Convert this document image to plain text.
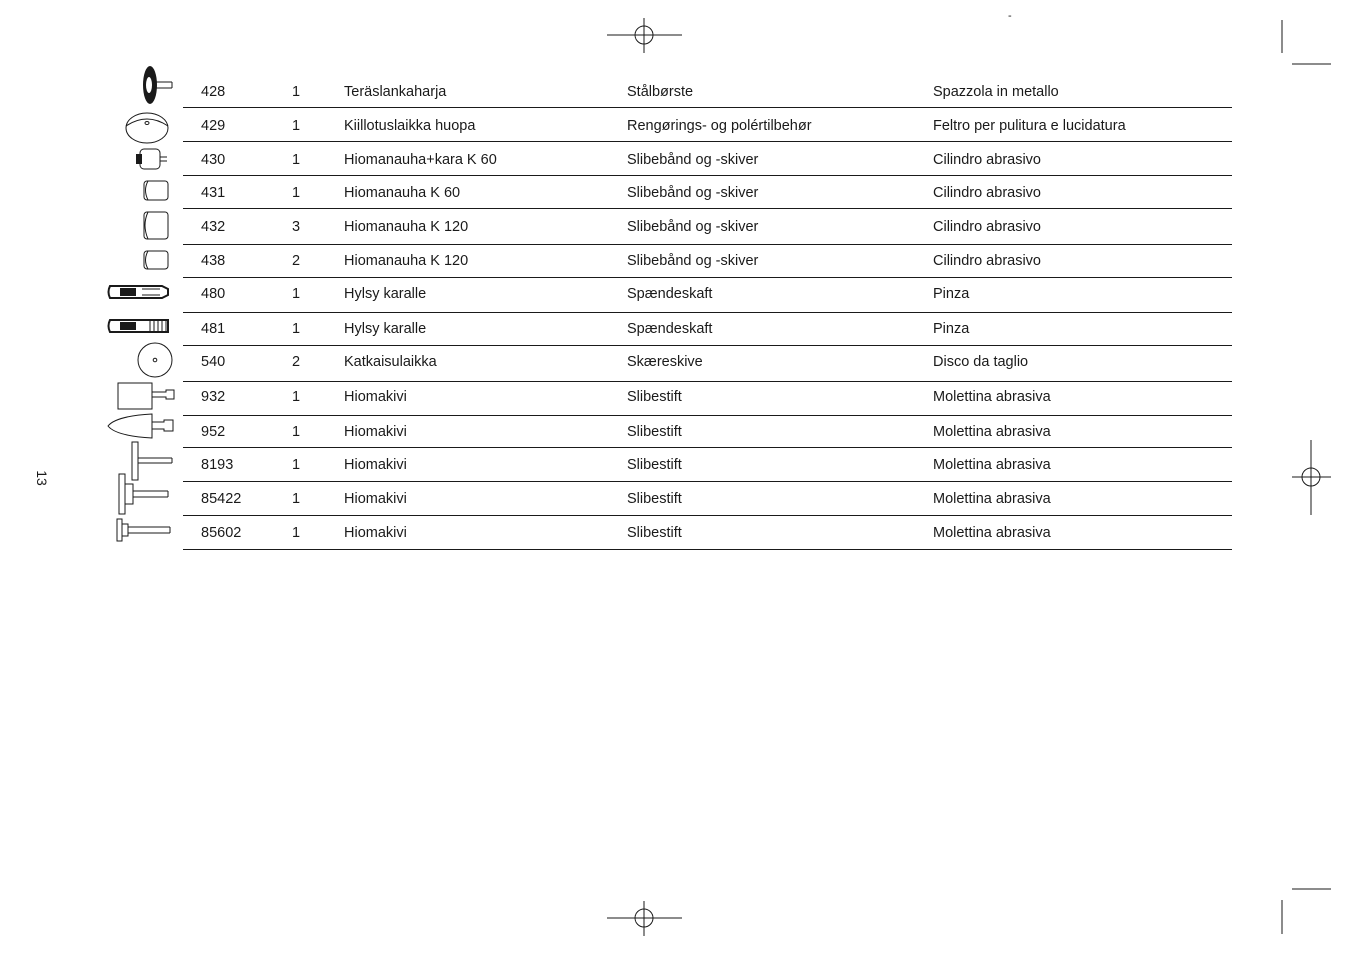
-
13
428	1	Teräslankaharja	Stålbørste	Spazzola in metallo
429	1	Kiillotuslaikka huopa	Rengørings- og polértilbehør	Feltro per pulitura e lucidatura
430	1	Hiomanauha+kara K 60	Slibebånd og -skiver	Cilindro abrasivo
431	1	Hiomanauha K 60	Slibebånd og -skiver	Cilindro abrasivo
432	3	Hiomanauha K 120	Slibebånd og -skiver	Cilindro abrasivo
438	2	Hiomanauha K 120	Slibebånd og -skiver	Cilindro abrasivo
480	1	Hylsy karalle	Spændeskaft	Pinza
481	1	Hylsy karalle	Spændeskaft	Pinza
540	2	Katkaisulaikka	Skæreskive	Disco da taglio
932	1	Hiomakivi	Slibestift	Molettina abrasiva
952	1	Hiomakivi	Slibestift	Molettina abrasiva
8193	1	Hiomakivi	Slibestift	Molettina abrasiva
85422	1	Hiomakivi	Slibestift	Molettina abrasiva
85602	1	Hiomakivi	Slibestift	Molettina abrasiva
